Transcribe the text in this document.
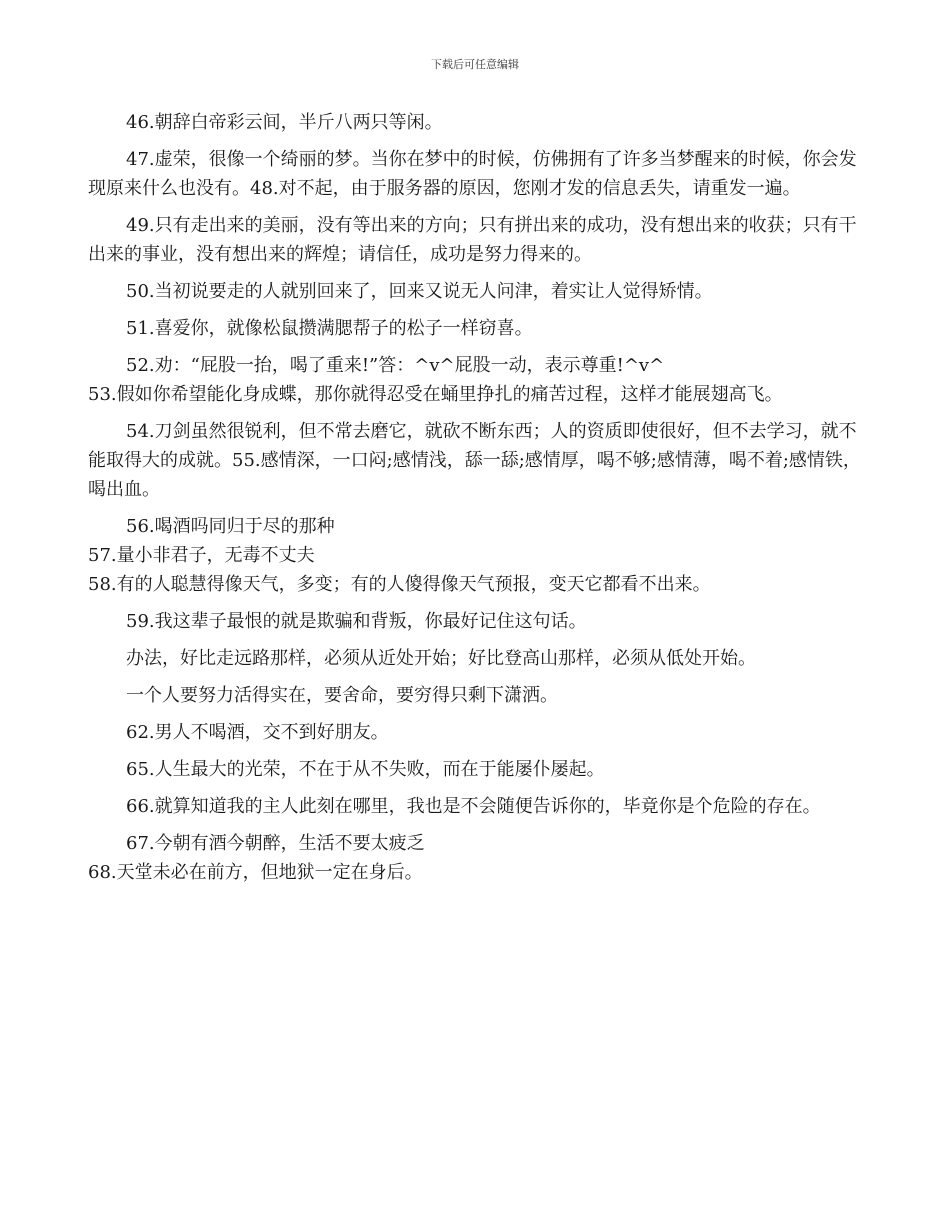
下载后可任意编辑

46.朝辞白帝彩云间，半斤八两只等闲。

47.虚荣，很像一个绮丽的梦。当你在梦中的时候，仿佛拥有了许多当梦醒来的时候，你会发现原来什么也没有。48.对不起，由于服务器的原因，您刚才发的信息丢失，请重发一遍。

49.只有走出来的美丽，没有等出来的方向；只有拼出来的成功，没有想出来的收获；只有干出来的事业，没有想出来的辉煌；请信任，成功是努力得来的。

50.当初说要走的人就别回来了，回来又说无人问津，着实让人觉得矫情。

51.喜爱你，就像松鼠攒满腮帮子的松子一样窃喜。

52.劝：“屁股一抬，喝了重来!”答：^v^屁股一动，表示尊重!^v^

53.假如你希望能化身成蝶，那你就得忍受在蛹里挣扎的痛苦过程，这样才能展翅高飞。

54.刀剑虽然很锐利，但不常去磨它，就砍不断东西；人的资质即使很好，但不去学习，就不能取得大的成就。55.感情深，一口闷;感情浅，舔一舔;感情厚，喝不够;感情薄，喝不着;感情铁，喝出血。

56.喝酒吗同归于尽的那种

57.量小非君子，无毒不丈夫

58.有的人聪慧得像天气，多变；有的人傻得像天气预报，变天它都看不出来。

59.我这辈子最恨的就是欺骗和背叛，你最好记住这句话。

办法，好比走远路那样，必须从近处开始；好比登高山那样，必须从低处开始。

一个人要努力活得实在，要舍命，要穷得只剩下潇洒。

62.男人不喝酒，交不到好朋友。

65.人生最大的光荣，不在于从不失败，而在于能屡仆屡起。

66.就算知道我的主人此刻在哪里，我也是不会随便告诉你的，毕竟你是个危险的存在。

67.今朝有酒今朝醉，生活不要太疲乏

68.天堂未必在前方，但地狱一定在身后。
